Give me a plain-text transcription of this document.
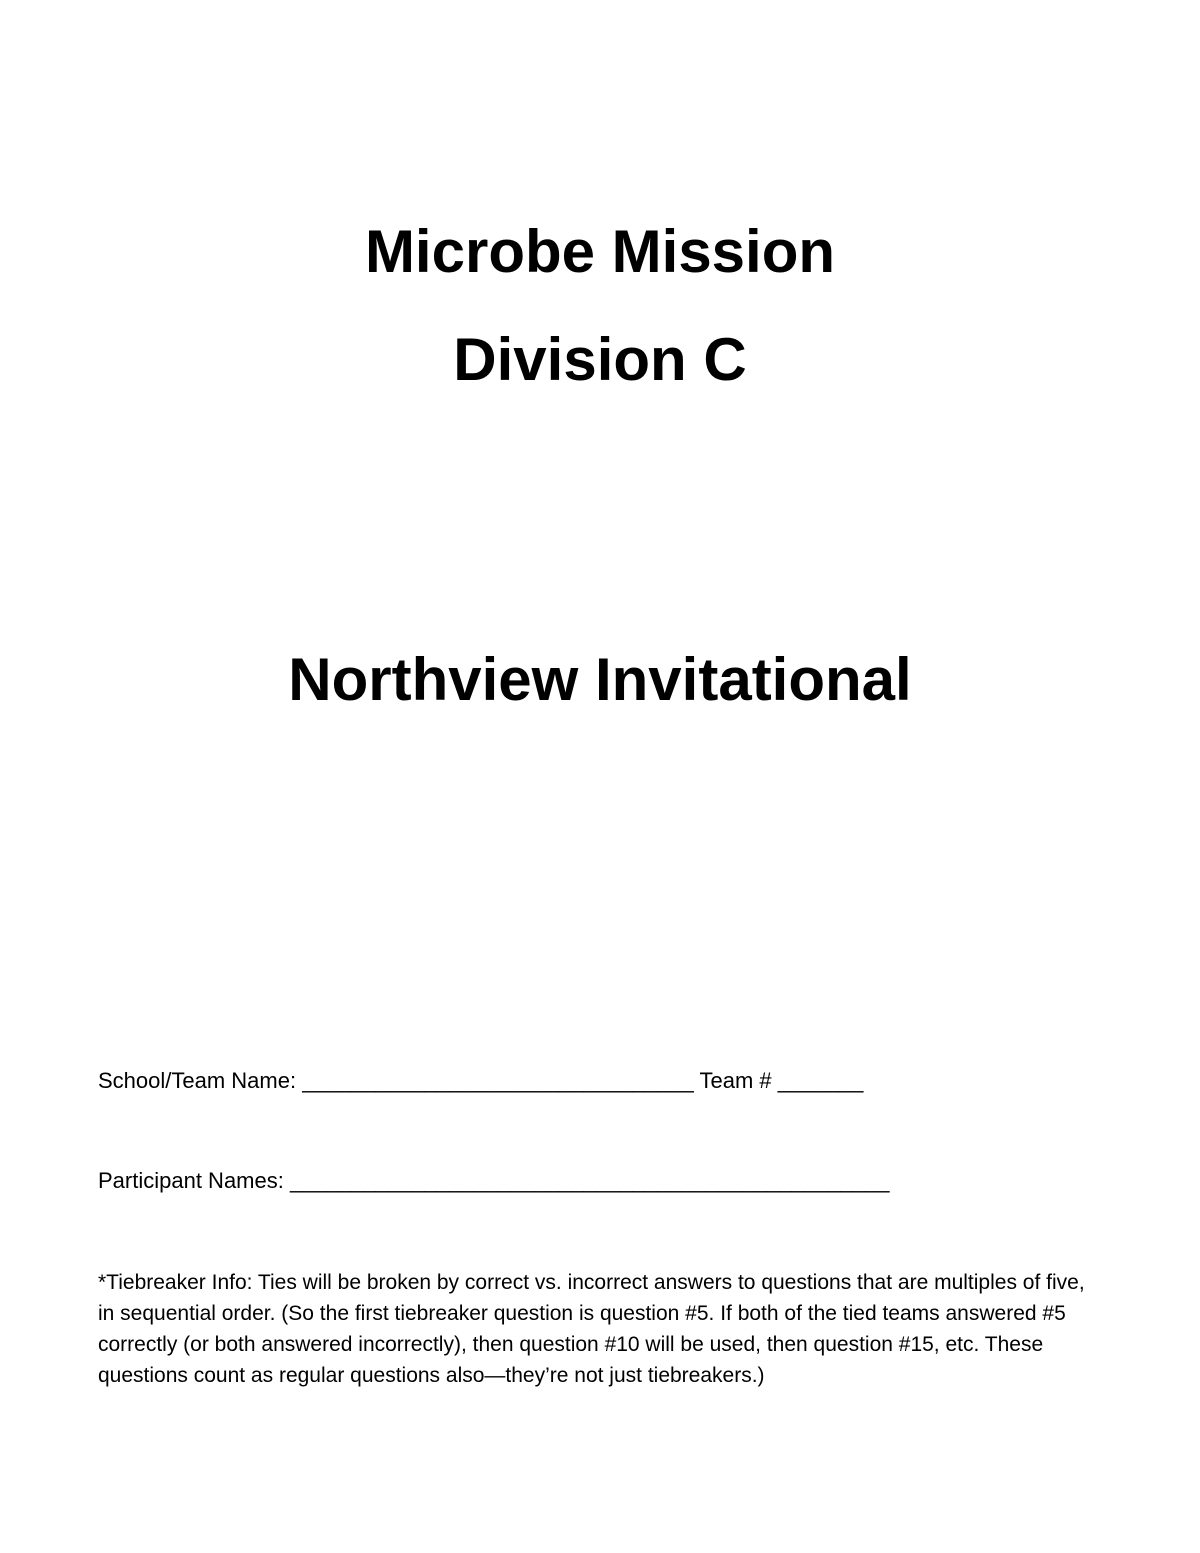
Microbe Mission
Division C
Northview Invitational
School/Team Name: ________________________________ Team # _______
Participant Names: _________________________________________________

*Tiebreaker Info: Ties will be broken by correct vs. incorrect answers to questions that are multiples of five, in sequential order. (So the first tiebreaker question is question #5. If both of the tied teams answered #5 correctly (or both answered incorrectly), then question #10 will be used, then question #15, etc. These questions count as regular questions also—they’re not just tiebreakers.)
